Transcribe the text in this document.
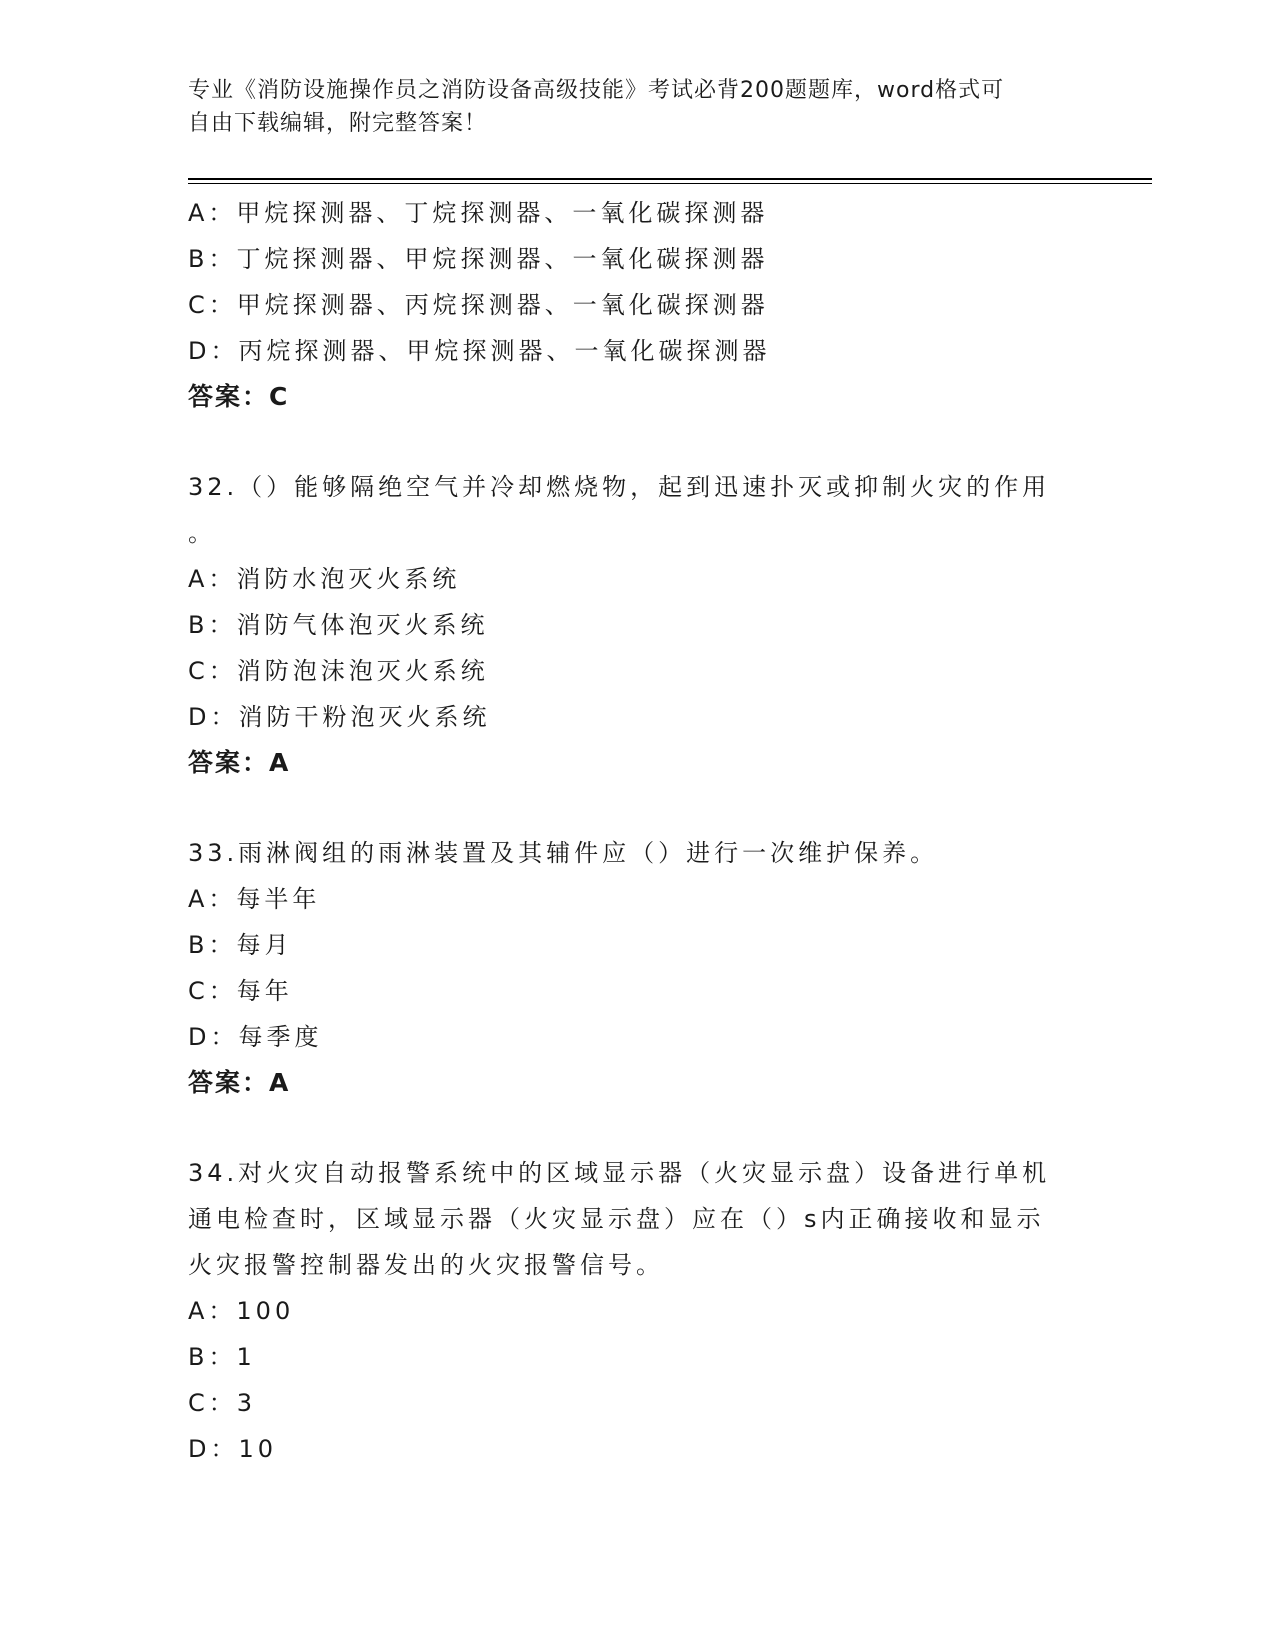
专业《消防设施操作员之消防设备高级技能》考试必背200题题库，word格式可
自由下载编辑，附完整答案！
A：甲烷探测器、丁烷探测器、一氧化碳探测器
B：丁烷探测器、甲烷探测器、一氧化碳探测器
C：甲烷探测器、丙烷探测器、一氧化碳探测器
D：丙烷探测器、甲烷探测器、一氧化碳探测器
答案：C
32.（）能够隔绝空气并冷却燃烧物，起到迅速扑灭或抑制火灾的作用
。
A：消防水泡灭火系统
B：消防气体泡灭火系统
C：消防泡沫泡灭火系统
D：消防干粉泡灭火系统
答案：A
33.雨淋阀组的雨淋装置及其辅件应（）进行一次维护保养。
A：每半年
B：每月
C：每年
D：每季度
答案：A
34.对火灾自动报警系统中的区域显示器（火灾显示盘）设备进行单机
通电检查时，区域显示器（火灾显示盘）应在（）s内正确接收和显示
火灾报警控制器发出的火灾报警信号。
A：100
B：1
C：3
D：10
